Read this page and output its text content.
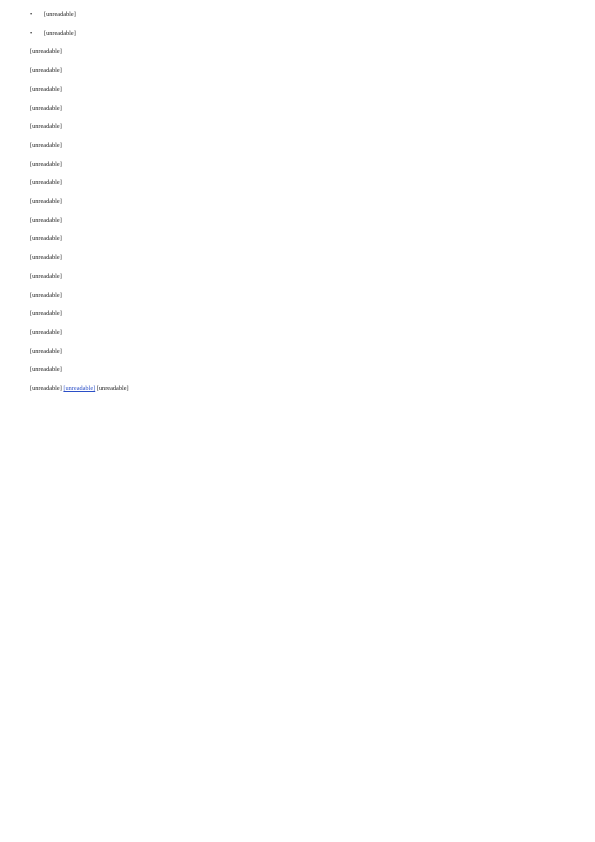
• [unreadable]
• [unreadable]

[unreadable]

[unreadable]

[unreadable]

[unreadable]

[unreadable]

[unreadable]

[unreadable]

[unreadable]

[unreadable]

[unreadable]

[unreadable]

[unreadable]

[unreadable]

[unreadable]

[unreadable]

[unreadable]

[unreadable]

[unreadable]

[unreadable] [unreadable] [unreadable]
